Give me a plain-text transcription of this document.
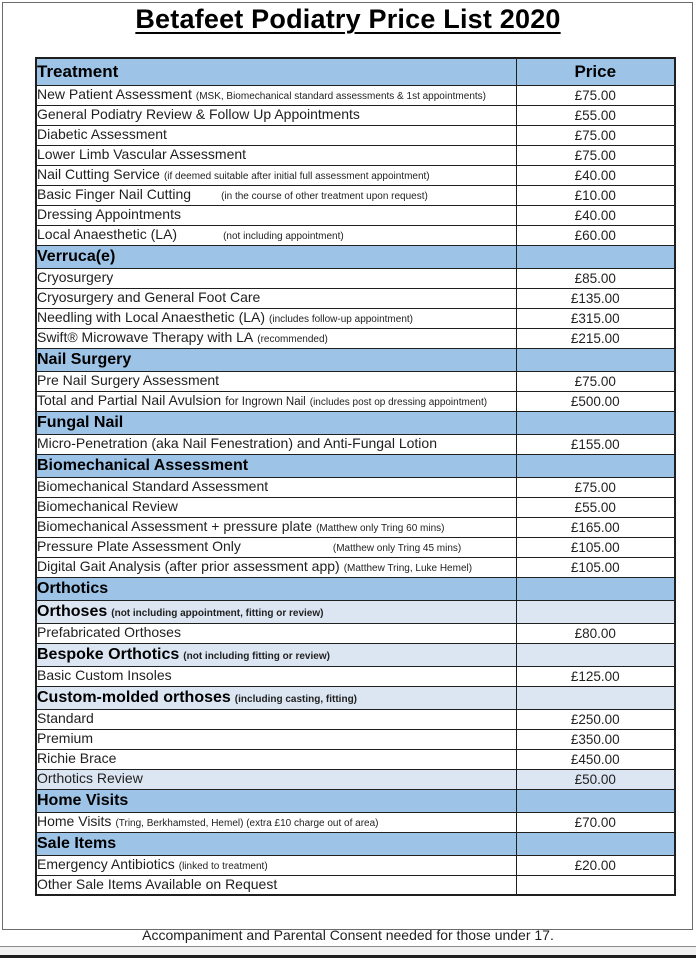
Betafeet Podiatry Price List 2020
Treatment	Price
New Patient Assessment (MSK, Biomechanical standard assessments & 1st appointments)	£75.00
General Podiatry Review & Follow Up Appointments	£55.00
Diabetic Assessment	£75.00
Lower Limb Vascular Assessment	£75.00
Nail Cutting Service (if deemed suitable after initial full assessment appointment)	£40.00
Basic Finger Nail Cutting (in the course of other treatment upon request)	£10.00
Dressing Appointments	£40.00
Local Anaesthetic (LA) (not including appointment)	£60.00
Verruca(e)	
Cryosurgery	£85.00
Cryosurgery and General Foot Care	£135.00
Needling with Local Anaesthetic (LA) (includes follow-up appointment)	£315.00
Swift® Microwave Therapy with LA (recommended)	£215.00
Nail Surgery	
Pre Nail Surgery Assessment	£75.00
Total and Partial Nail Avulsion for Ingrown Nail (includes post op dressing appointment)	£500.00
Fungal Nail	
Micro-Penetration (aka Nail Fenestration) and Anti-Fungal Lotion	£155.00
Biomechanical Assessment	
Biomechanical Standard Assessment	£75.00
Biomechanical Review	£55.00
Biomechanical Assessment + pressure plate (Matthew only Tring 60 mins)	£165.00
Pressure Plate Assessment Only (Matthew only Tring 45 mins)	£105.00
Digital Gait Analysis (after prior assessment app) (Matthew Tring, Luke Hemel)	£105.00
Orthotics	
Orthoses (not including appointment, fitting or review)	
Prefabricated Orthoses	£80.00
Bespoke Orthotics (not including fitting or review)	
Basic Custom Insoles	£125.00
Custom-molded orthoses (including casting, fitting)	
Standard	£250.00
Premium	£350.00
Richie Brace	£450.00
Orthotics Review	£50.00
Home Visits	
Home Visits (Tring, Berkhamsted, Hemel) (extra £10 charge out of area)	£70.00
Sale Items	
Emergency Antibiotics (linked to treatment)	£20.00
Other Sale Items Available on Request	
Accompaniment and Parental Consent needed for those under 17.
